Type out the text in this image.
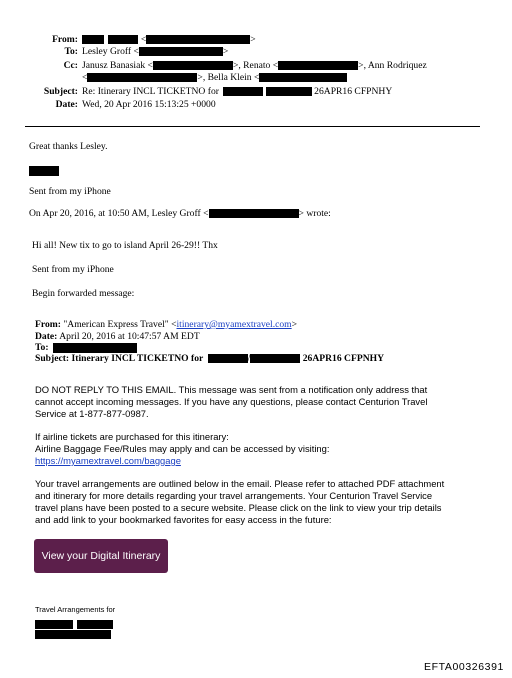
From:	<	>
To: Lesley Groff <	>
Cc: Janusz Banasiak <	>, Renato <	>, Ann Rodriquez
<	>, Bella Klein <
Subject: Re: Itinerary INCL TICKETNO for	26APR16 CFPNHY
Date: Wed, 20 Apr 2016 15:13:25 +0000
Great thanks Lesley.
Sent from my iPhone
On Apr 20, 2016, at 10:50 AM, Lesley Groff <	> wrote:
Hi all! New tix to go to island April 26-29!! Thx
Sent from my iPhone
Begin forwarded message:
From: "American Express Travel" <itinerary@myamextravel.com>
Date: April 20, 2016 at 10:47:57 AM EDT
To:
Subject: Itinerary INCL TICKETNO for	/	26APR16 CFPNHY
DO NOT REPLY TO THIS EMAIL. This message was sent from a notification only address that
cannot accept incoming messages. If you have any questions, please contact Centurion Travel
Service at 1-877-877-0987.
If airline tickets are purchased for this itinerary:
Airline Baggage Fee/Rules may apply and can be accessed by visiting:
https://myamextravel.com/baggage
Your travel arrangements are outlined below in the email. Please refer to attached PDF attachment
and itinerary for more details regarding your travel arrangements. Your Centurion Travel Service
travel plans have been posted to a secure website. Please click on the link to view your trip details
and add link to your bookmarked favorites for easy access in the future:
View your Digital Itinerary
Travel Arrangements for

EFTA00326391
